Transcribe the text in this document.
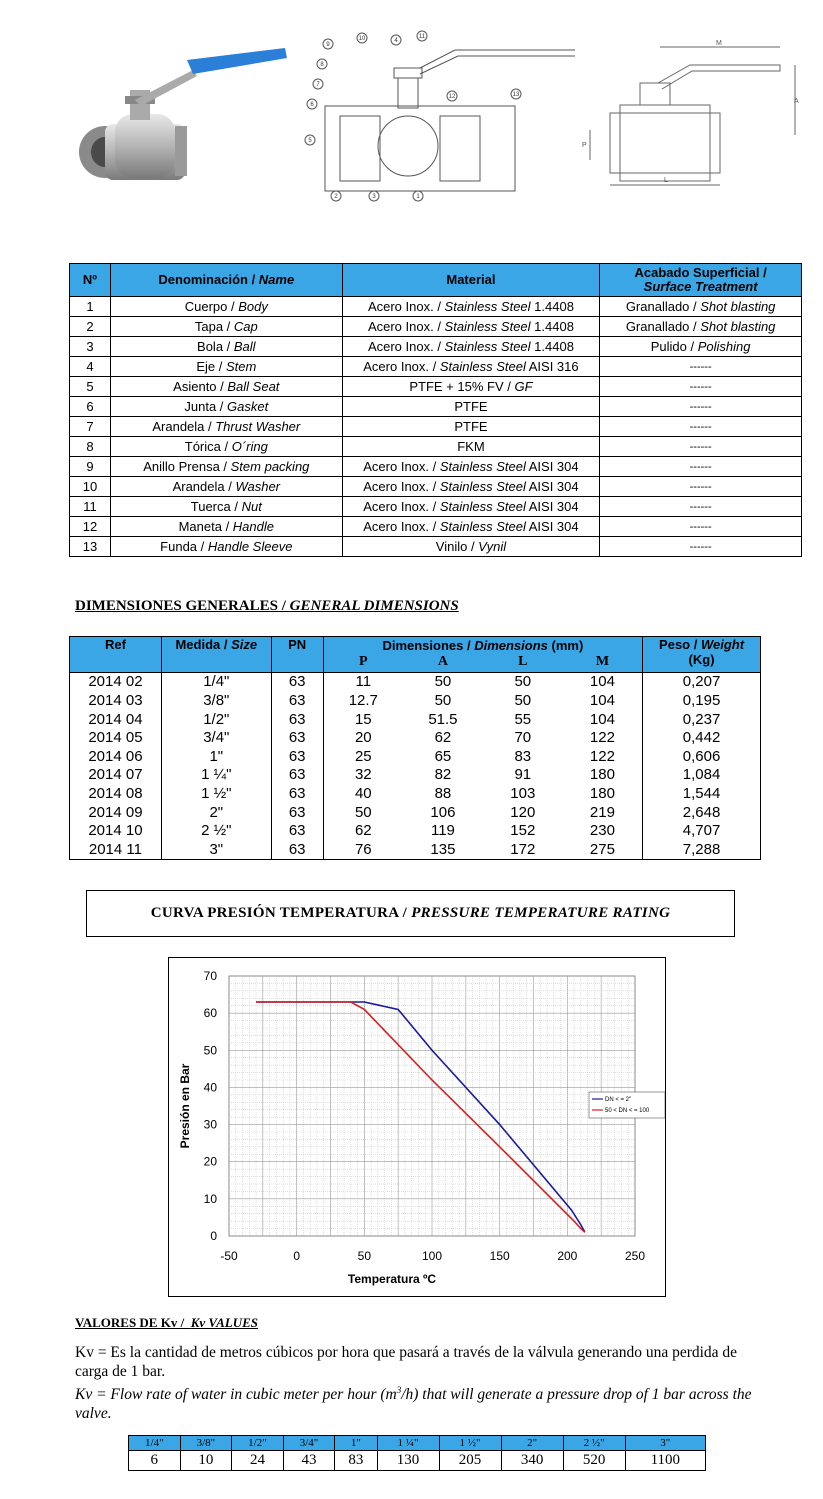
9
10	4
11
8
7
6
5
2	3	1
12	13
M
A
P
L
Nº	Denominación / Name	Material	Acabado Superficial /
Surface Treatment
1	Cuerpo / Body	Acero Inox. / Stainless Steel 1.4408	Granallado / Shot blasting
2	Tapa / Cap	Acero Inox. / Stainless Steel 1.4408	Granallado / Shot blasting
3	Bola / Ball	Acero Inox. / Stainless Steel 1.4408	Pulido / Polishing
4	Eje / Stem	Acero Inox. / Stainless Steel AISI 316	------
5	Asiento / Ball Seat	PTFE + 15% FV / GF	------
6	Junta / Gasket	PTFE	------
7	Arandela / Thrust Washer	PTFE	------
8	Tórica / O´ring	FKM	------
9	Anillo Prensa / Stem packing	Acero Inox. / Stainless Steel AISI 304	------
10	Arandela / Washer	Acero Inox. / Stainless Steel AISI 304	------
11	Tuerca / Nut	Acero Inox. / Stainless Steel AISI 304	------
12	Maneta / Handle	Acero Inox. / Stainless Steel AISI 304	------
13	Funda / Handle Sleeve	Vinilo / Vynil	------
DIMENSIONES GENERALES / GENERAL DIMENSIONS
Ref	Medida / Size	PN	Dimensiones / Dimensions (mm)				Peso / Weight
(Kg)
			P	A	L	M	
2014 02	1/4"	63	11	50	50	104	0,207
2014 03	3/8"	63	12.7	50	50	104	0,195
2014 04	1/2"	63	15	51.5	55	104	0,237
2014 05	3/4"	63	20	62	70	122	0,442
2014 06	1"	63	25	65	83	122	0,606
2014 07	1 ¼"	63	32	82	91	180	1,084
2014 08	1 ½"	63	40	88	103	180	1,544
2014 09	2"	63	50	106	120	219	2,648
2014 10	2 ½"	63	62	119	152	230	4,707
2014 11	3"	63	76	135	172	275	7,288
CURVA PRESIÓN TEMPERATURA /
PRESSURE TEMPERATURE RATING
-50	0	50	100	150	200	250
0
10
20
30
40
50
60
70
Temperatura ºC
Presión en Bar	DN < = 2"
50 < DN < = 100
VALORES DE Kv /  Kv VALUES
Kv = Es la cantidad de metros cúbicos por hora que pasará a través de la válvula generando una perdida de carga de 1 bar.
Kv = Flow rate of water in cubic meter per hour $(m^3/h)$ that will generate a pressure drop of 1 bar across the valve.
1/4"	3/8"	1/2"	3/4"	1"	1 ¼"	1 ½"	2"	2 ½"	3"
6	10	24	43	83	130	205	340	520	1100
